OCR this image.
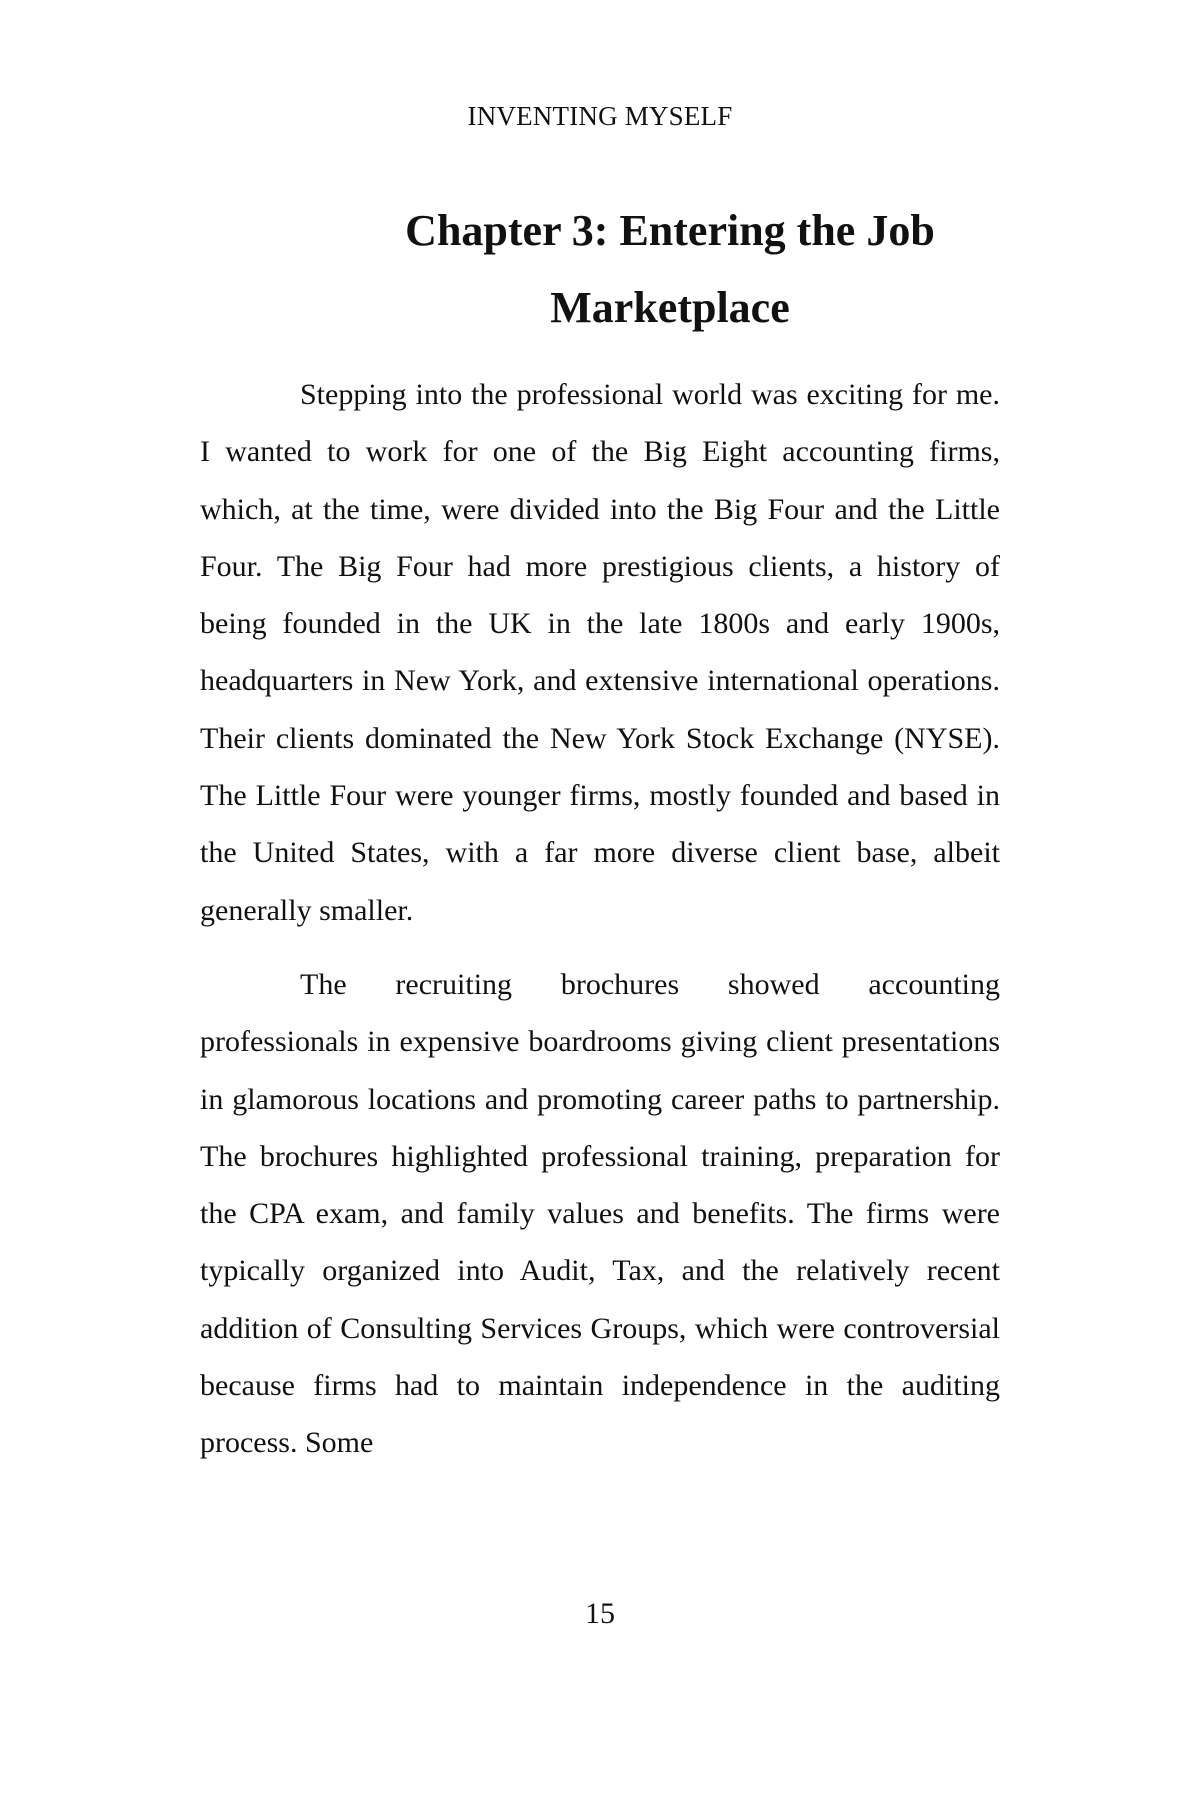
INVENTING MYSELF
Chapter 3: Entering the Job
Marketplace

Stepping into the professional world was exciting for me. I wanted to work for one of the Big Eight accounting firms, which, at the time, were divided into the Big Four and the Little Four. The Big Four had more prestigious clients, a history of being founded in the UK in the late 1800s and early 1900s, headquarters in New York, and extensive international operations. Their clients dominated the New York Stock Exchange (NYSE). The Little Four were younger firms, mostly founded and based in the United States, with a far more diverse client base, albeit generally smaller.

The recruiting brochures showed accounting professionals in expensive boardrooms giving client presentations in glamorous locations and promoting career paths to partnership. The brochures highlighted professional training, preparation for the CPA exam, and family values and benefits. The firms were typically organized into Audit, Tax, and the relatively recent addition of Consulting Services Groups, which were controversial because firms had to maintain independence in the auditing process. Some

15
